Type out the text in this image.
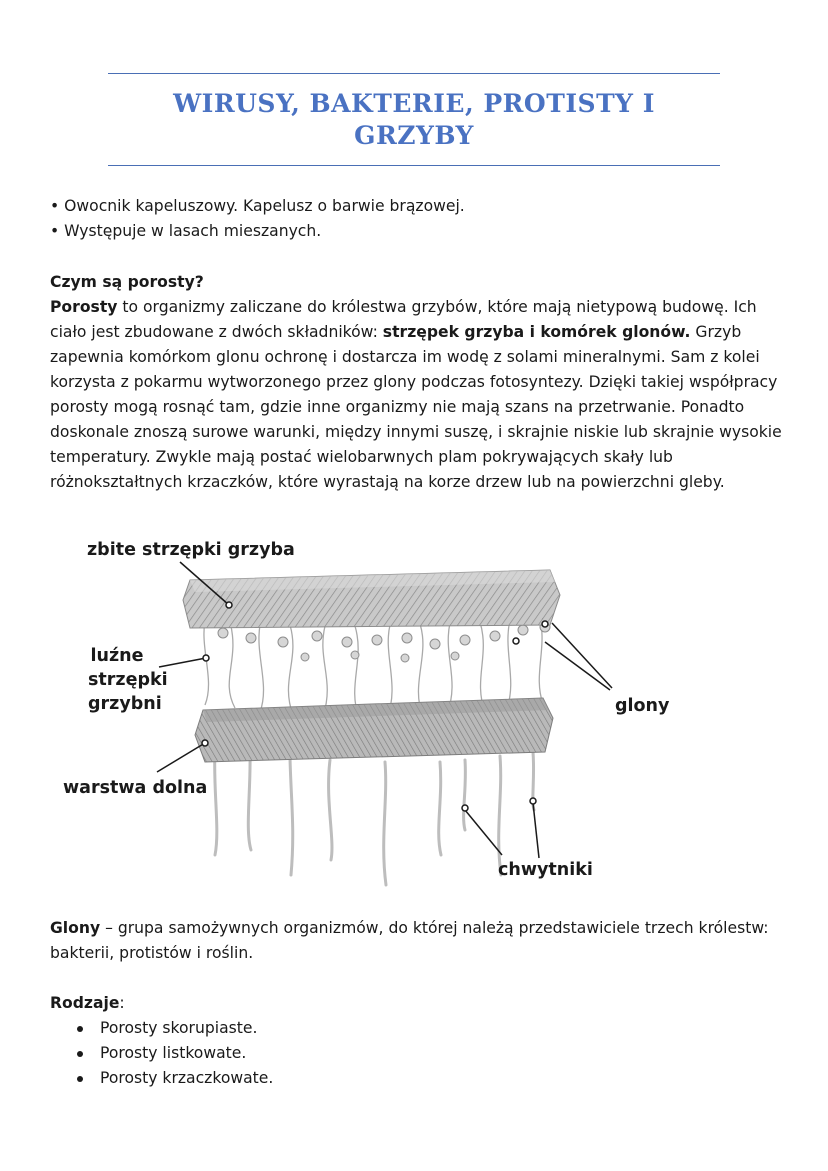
WIRUSY, BAKTERIE, PROTISTY I
GRZYBY
• Owocnik kapeluszowy. Kapelusz o barwie brązowej.
• Występuje w lasach mieszanych.
Czym są porosty?

Porosty to organizmy zaliczane do królestwa grzybów, które mają nietypową budowę. Ich ciało jest zbudowane z dwóch składników: strzępek grzyba i komórek glonów. Grzyb zapewnia komórkom glonu ochronę i dostarcza im wodę z solami mineralnymi. Sam z kolei korzysta z pokarmu wytworzonego przez glony podczas fotosyntezy. Dzięki takiej współpracy porosty mogą rosnąć tam, gdzie inne organizmy nie mają szans na przetrwanie. Ponadto doskonale znoszą surowe warunki, między innymi suszę, i skrajnie niskie lub skrajnie wysokie temperatury. Zwykle mają postać wielobarwnych plam pokrywających skały lub różnokształtnych krzaczków, które wyrastają na korze drzew lub na powierzchni gleby.

zbite strzępki grzyba
luźne
strzępki
grzybni	glony
warstwa dolna
chwytniki

Glony – grupa samożywnych organizmów, do której należą przedstawiciele trzech królestw: bakterii, protistów i roślin.

Rodzaje:
Porosty skorupiaste.
Porosty listkowate.
Porosty krzaczkowate.
